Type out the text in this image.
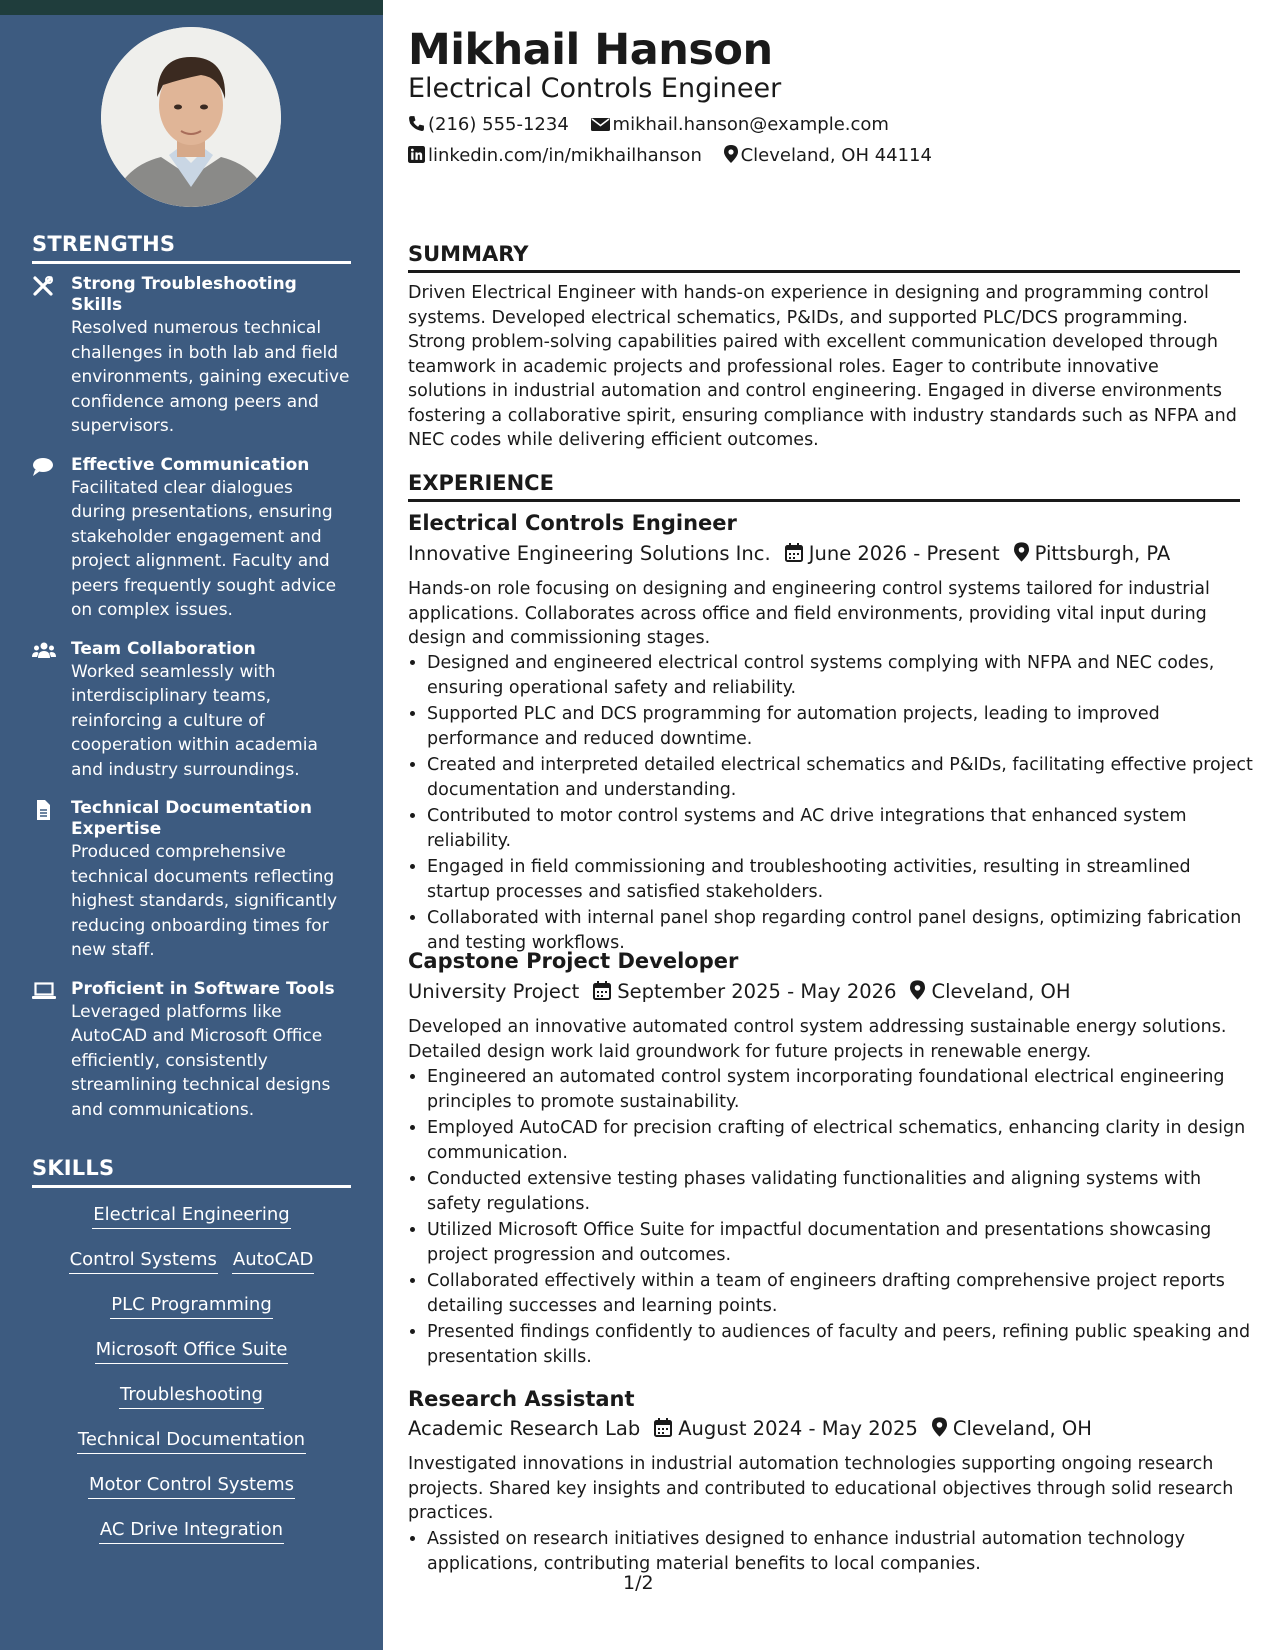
STRENGTHS
Strong Troubleshooting Skills
Resolved numerous technical challenges in both lab and field environments, gaining executive confidence among peers and supervisors.
Effective Communication
Facilitated clear dialogues during presentations, ensuring stakeholder engagement and project alignment. Faculty and peers frequently sought advice on complex issues.
Team Collaboration
Worked seamlessly with interdisciplinary teams, reinforcing a culture of cooperation within academia and industry surroundings.
Technical Documentation Expertise
Produced comprehensive technical documents reflecting highest standards, significantly reducing onboarding times for new staff.
Proficient in Software Tools
Leveraged platforms like AutoCAD and Microsoft Office efficiently, consistently streamlining technical designs and communications.
SKILLS
Electrical Engineering
Control Systems AutoCAD
PLC Programming
Microsoft Office Suite
Troubleshooting
Technical Documentation
Motor Control Systems
AC Drive Integration
Mikhail Hanson
Electrical Controls Engineer
(216) 555-1234 mikhail.hanson@example.com
linkedin.com/in/mikhailhanson Cleveland, OH 44114
SUMMARY
Driven Electrical Engineer with hands-on experience in designing and programming control systems. Developed electrical schematics, P&IDs, and supported PLC/DCS programming. Strong problem-solving capabilities paired with excellent communication developed through teamwork in academic projects and professional roles. Eager to contribute innovative solutions in industrial automation and control engineering. Engaged in diverse environments fostering a collaborative spirit, ensuring compliance with industry standards such as NFPA and NEC codes while delivering efficient outcomes.
EXPERIENCE
Electrical Controls Engineer
Innovative Engineering Solutions Inc. June 2026 - Present Pittsburgh, PA
Hands-on role focusing on designing and engineering control systems tailored for industrial applications. Collaborates across office and field environments, providing vital input during design and commissioning stages.
• Designed and engineered electrical control systems complying with NFPA and NEC codes, ensuring operational safety and reliability.
• Supported PLC and DCS programming for automation projects, leading to improved performance and reduced downtime.
• Created and interpreted detailed electrical schematics and P&IDs, facilitating effective project documentation and understanding.
• Contributed to motor control systems and AC drive integrations that enhanced system reliability.
• Engaged in field commissioning and troubleshooting activities, resulting in streamlined startup processes and satisfied stakeholders.
• Collaborated with internal panel shop regarding control panel designs, optimizing fabrication and testing workflows.
Capstone Project Developer
University Project September 2025 - May 2026 Cleveland, OH
Developed an innovative automated control system addressing sustainable energy solutions. Detailed design work laid groundwork for future projects in renewable energy.
• Engineered an automated control system incorporating foundational electrical engineering principles to promote sustainability.
• Employed AutoCAD for precision crafting of electrical schematics, enhancing clarity in design communication.
• Conducted extensive testing phases validating functionalities and aligning systems with safety regulations.
• Utilized Microsoft Office Suite for impactful documentation and presentations showcasing project progression and outcomes.
• Collaborated effectively within a team of engineers drafting comprehensive project reports detailing successes and learning points.
• Presented findings confidently to audiences of faculty and peers, refining public speaking and presentation skills.
Research Assistant
Academic Research Lab August 2024 - May 2025 Cleveland, OH
Investigated innovations in industrial automation technologies supporting ongoing research projects. Shared key insights and contributed to educational objectives through solid research practices.
• Assisted on research initiatives designed to enhance industrial automation technology applications, contributing material benefits to local companies.
1/2
